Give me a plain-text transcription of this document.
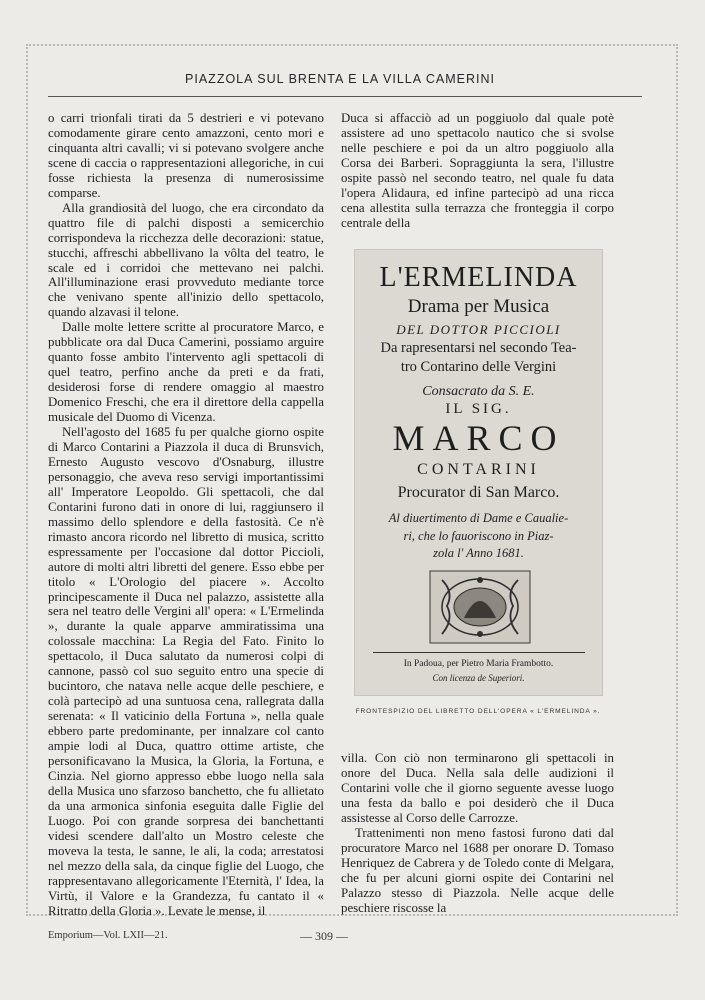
PIAZZOLA SUL BRENTA E LA VILLA CAMERINI

o carri trionfali tirati da 5 destrieri e vi potevano comodamente girare cento amazzoni, cento mori e cinquanta altri cavalli; vi si potevano svolgere anche scene di caccia o rappresentazioni allegoriche, in cui fosse richiesta la presenza di numerosissime comparse.

Alla grandiosità del luogo, che era circondato da quattro file di palchi disposti a semicerchio corrispondeva la ricchezza delle decorazioni: statue, stucchi, affreschi abbellivano la vôlta del teatro, le scale ed i corridoi che mettevano nei palchi. All'illuminazione erasi provveduto mediante torce che venivano spente all'inizio dello spettacolo, quando alzavasi il telone.

Dalle molte lettere scritte al procuratore Marco, e pubblicate ora dal Duca Camerini, possiamo arguire quanto fosse ambito l'intervento agli spettacoli di quel teatro, perfino anche da preti e da frati, desiderosi forse di rendere omaggio al maestro Domenico Freschi, che era il direttore della cappella musicale del Duomo di Vicenza.

Nell'agosto del 1685 fu per qualche giorno ospite di Marco Contarini a Piazzola il duca di Brunsvich, Ernesto Augusto vescovo d'Osnaburg, illustre personaggio, che aveva reso servigi importantissimi all' Imperatore Leopoldo. Gli spettacoli, che dal Contarini furono dati in onore di lui, raggiunsero il massimo dello splendore e della fastosità. Ce n'è rimasto ancora ricordo nel libretto di musica, scritto espressamente per l'occasione dal dottor Piccioli, autore di molti altri libretti del genere. Esso ebbe per titolo « L'Orologio del piacere ». Accolto principescamente il Duca nel palazzo, assistette alla sera nel teatro delle Vergini all' opera: « L'Ermelinda », durante la quale apparve ammiratissima una colossale macchina: La Regia del Fato. Finito lo spettacolo, il Duca salutato da numerosi colpi di cannone, passò col suo seguito entro una specie di bucintoro, che natava nelle acque delle peschiere, e colà partecipò ad una suntuosa cena, rallegrata dalla serenata: « Il vaticinio della Fortuna », nella quale ebbero parte predominante, per innalzare col canto ampie lodi al Duca, quattro ottime artiste, che personificavano la Musica, la Gloria, la Fortuna, e Cinzia. Nel giorno appresso ebbe luogo nella sala della Musica uno sfarzoso banchetto, che fu allietato da una armonica sinfonia eseguita dalle Figlie del Luogo. Poi con grande sorpresa dei banchettanti videsi scendere dall'alto un Mostro celeste che moveva la testa, le sanne, le ali, la coda; arrestatosi nel mezzo della sala, da cinque figlie del Luogo, che rappresentavano allegoricamente l'Eternità, l' Idea, la Virtù, il Valore e la Grandezza, fu cantato il « Ritratto della Gloria ». Levate le mense, il

Duca si affacciò ad un poggiuolo dal quale potè assistere ad uno spettacolo nautico che si svolse nelle peschiere e poi da un altro poggiuolo alla Corsa dei Barberi. Sopraggiunta la sera, l'illustre ospite passò nel secondo teatro, nel quale fu data l'opera Alidaura, ed infine partecipò ad una ricca cena allestita sulla terrazza che fronteggia il corpo centrale della

L'ERMELINDA
Drama per Musica
DEL DOTTOR PICCIOLI
Da rapresentarsi nel secondo Tea-
tro Contarino delle Vergini
Consacrato da S. E.
IL SIG.
MARCO
CONTARINI
Procurator di San Marco.
Al diuertimento di Dame e Caualie-
ri, che lo fauoriscono in Piaz-
zola l' Anno 1681.
In Padoua, per Pietro Maria Frambotto.
Con licenza de Superiori.
FRONTESPIZIO DEL LIBRETTO DELL'OPERA « L'ERMELINDA ».

villa. Con ciò non terminarono gli spettacoli in onore del Duca. Nella sala delle audizioni il Contarini volle che il giorno seguente avesse luogo una festa da ballo e poi desiderò che il Duca assistesse al Corso delle Carrozze.

Trattenimenti non meno fastosi furono dati dal procuratore Marco nel 1688 per onorare D. Tomaso Henriquez de Cabrera y de Toledo conte di Melgara, che fu per alcuni giorni ospite dei Contarini nel Palazzo stesso di Piazzola. Nelle acque delle peschiere riscosse la

Emporium—Vol. LXII—21.	— 309 —
